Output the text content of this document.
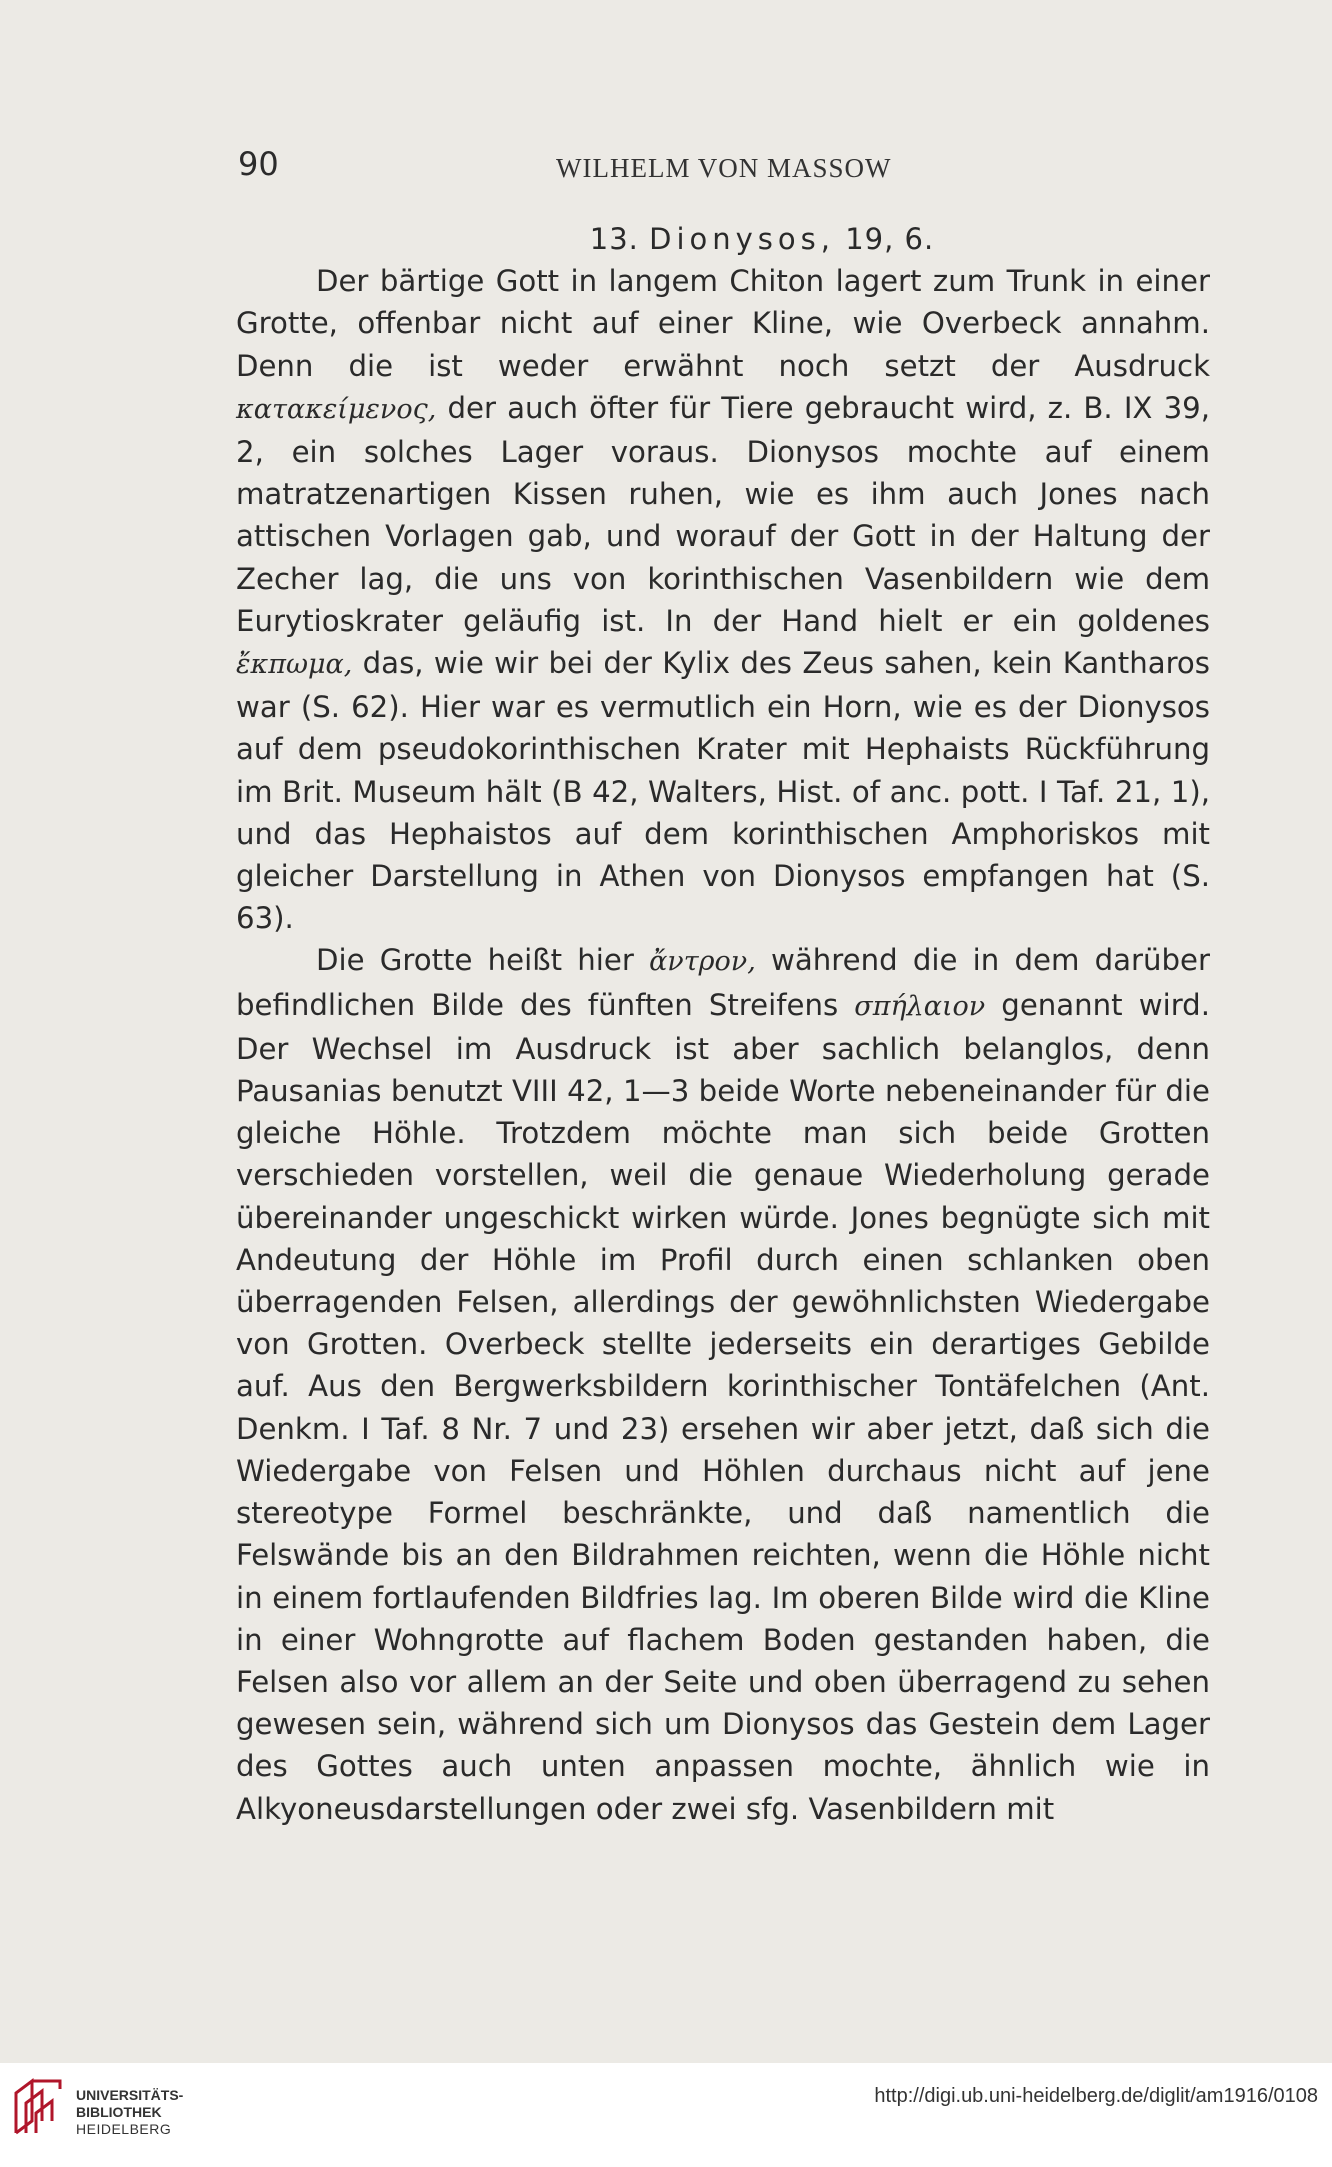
90	WILHELM VON MASSOW
13. Dionysos, 19, 6.

Der bärtige Gott in langem Chiton lagert zum Trunk in einer Grotte, offenbar nicht auf einer Kline, wie Overbeck annahm. Denn die ist weder erwähnt noch setzt der Ausdruck κατακείμενος, der auch öfter für Tiere gebraucht wird, z. B. IX 39, 2, ein solches Lager voraus. Dionysos mochte auf einem matratzenartigen Kissen ruhen, wie es ihm auch Jones nach attischen Vorlagen gab, und worauf der Gott in der Haltung der Zecher lag, die uns von korinthischen Vasenbildern wie dem Eurytioskrater geläufig ist. In der Hand hielt er ein goldenes ἔκπωμα, das, wie wir bei der Kylix des Zeus sahen, kein Kantharos war (S. 62). Hier war es vermutlich ein Horn, wie es der Dionysos auf dem pseudokorinthischen Krater mit Hephaists Rückführung im Brit. Museum hält (B 42, Walters, Hist. of anc. pott. I Taf. 21, 1), und das Hephaistos auf dem korinthischen Amphoriskos mit gleicher Darstellung in Athen von Dionysos empfangen hat (S. 63).

Die Grotte heißt hier ἄντρον, während die in dem darüber befindlichen Bilde des fünften Streifens σπήλαιον genannt wird. Der Wechsel im Ausdruck ist aber sachlich belanglos, denn Pausanias benutzt VIII 42, 1—3 beide Worte nebeneinander für die gleiche Höhle. Trotzdem möchte man sich beide Grotten verschieden vorstellen, weil die genaue Wiederholung gerade übereinander ungeschickt wirken würde. Jones begnügte sich mit Andeutung der Höhle im Profil durch einen schlanken oben überragenden Felsen, allerdings der gewöhnlichsten Wiedergabe von Grotten. Overbeck stellte jederseits ein derartiges Gebilde auf. Aus den Bergwerksbildern korinthischer Tontäfelchen (Ant. Denkm. I Taf. 8 Nr. 7 und 23) ersehen wir aber jetzt, daß sich die Wiedergabe von Felsen und Höhlen durchaus nicht auf jene stereotype Formel beschränkte, und daß namentlich die Felswände bis an den Bildrahmen reichten, wenn die Höhle nicht in einem fortlaufenden Bildfries lag. Im oberen Bilde wird die Kline in einer Wohngrotte auf flachem Boden gestanden haben, die Felsen also vor allem an der Seite und oben überragend zu sehen gewesen sein, während sich um Dionysos das Gestein dem Lager des Gottes auch unten anpassen mochte, ähnlich wie in Alkyoneusdarstellungen oder zwei sfg. Vasenbildern mit

UNIVERSITÄTS-
BIBLIOTHEK
HEIDELBERG
http://digi.ub.uni-heidelberg.de/diglit/am1916/0108
